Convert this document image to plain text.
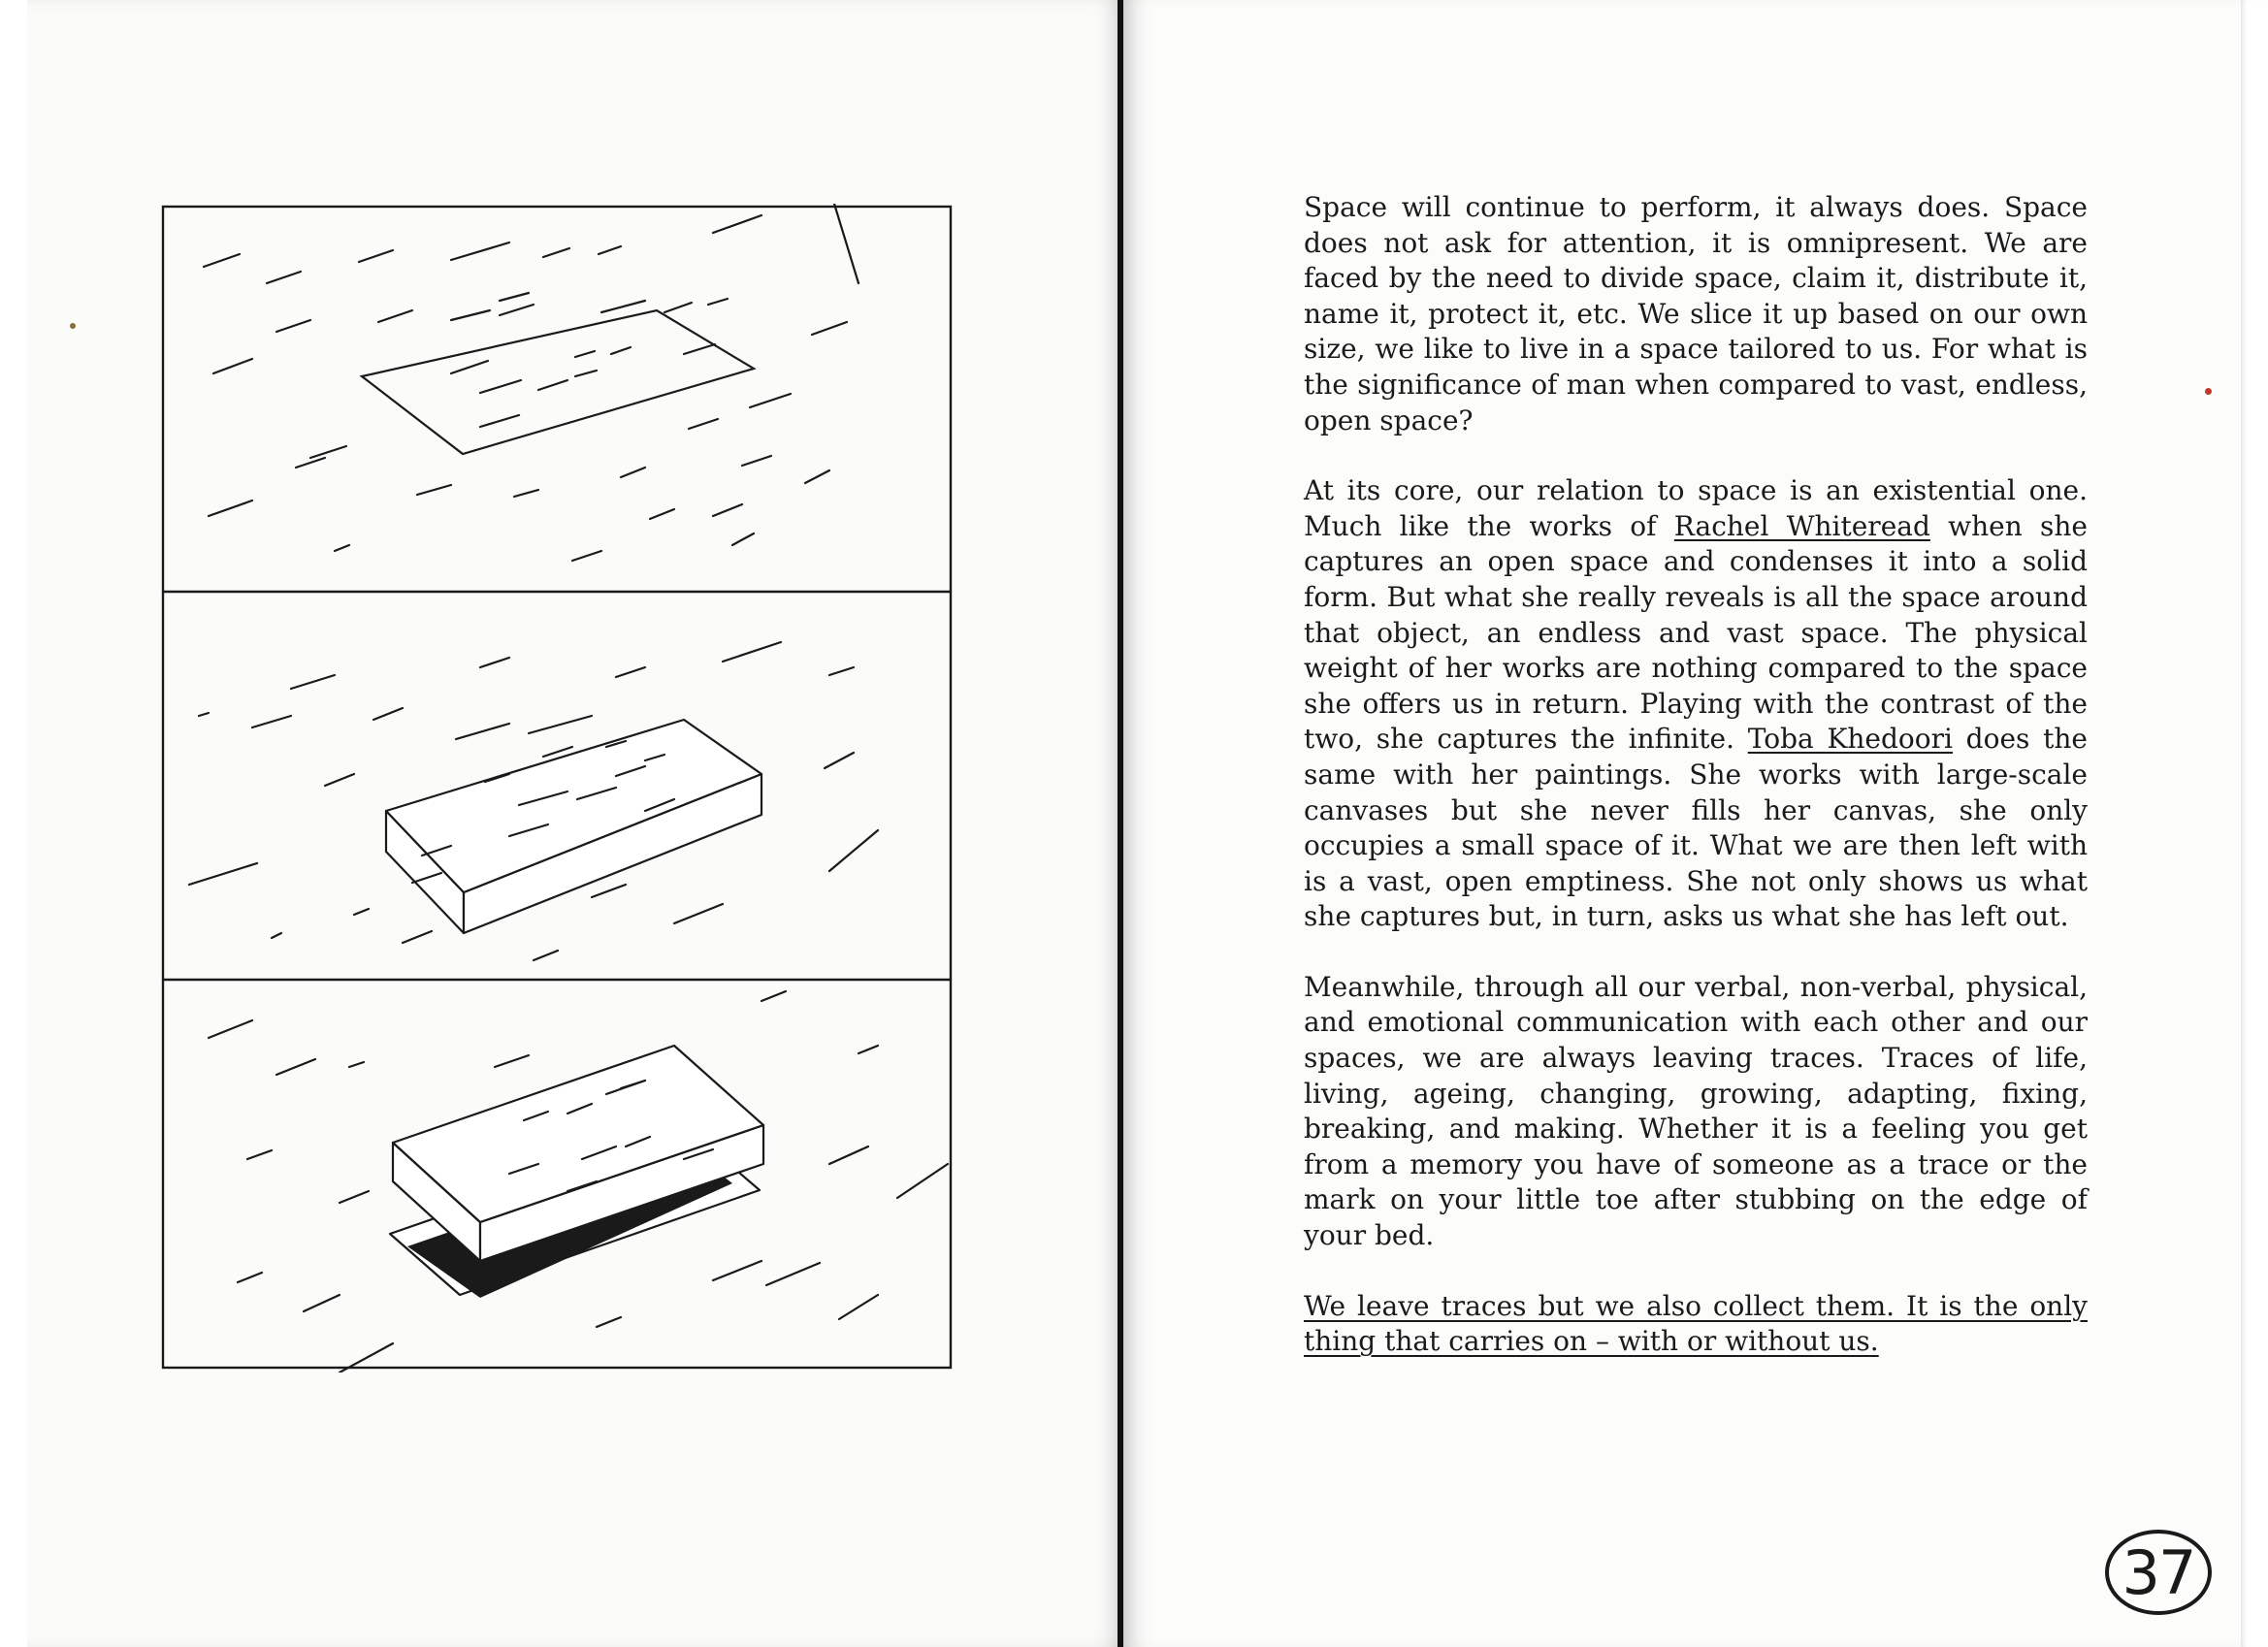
Space will continue to perform, it always does. Space does not ask for attention, it is omnipresent. We are faced by the need to divide space, claim it, distribute it, name it, protect it, etc. We slice it up based on our own size, we like to live in a space tailored to us. For what is the significance of man when compared to vast, endless, open space?

At its core, our relation to space is an existential one. Much like the works of Rachel Whiteread when she captures an open space and condenses it into a solid form. But what she really reveals is all the space around that object, an endless and vast space. The physical weight of her works are nothing compared to the space she offers us in return. Playing with the contrast of the two, she captures the infinite. Toba Khedoori does the same with her paintings. She works with large-scale canvases but she never fills her canvas, she only occupies a small space of it. What we are then left with is a vast, open emptiness. She not only shows us what she captures but, in turn, asks us what she has left out.

Meanwhile, through all our verbal, non-verbal, physical, and emotional communication with each other and our spaces, we are always leaving traces. Traces of life, living, ageing, changing, growing, adapting, fixing, breaking, and making. Whether it is a feeling you get from a memory you have of someone as a trace or the mark on your little toe after stubbing on the edge of your bed.

We leave traces but we also collect them. It is the only thing that carries on – with or without us.

37
